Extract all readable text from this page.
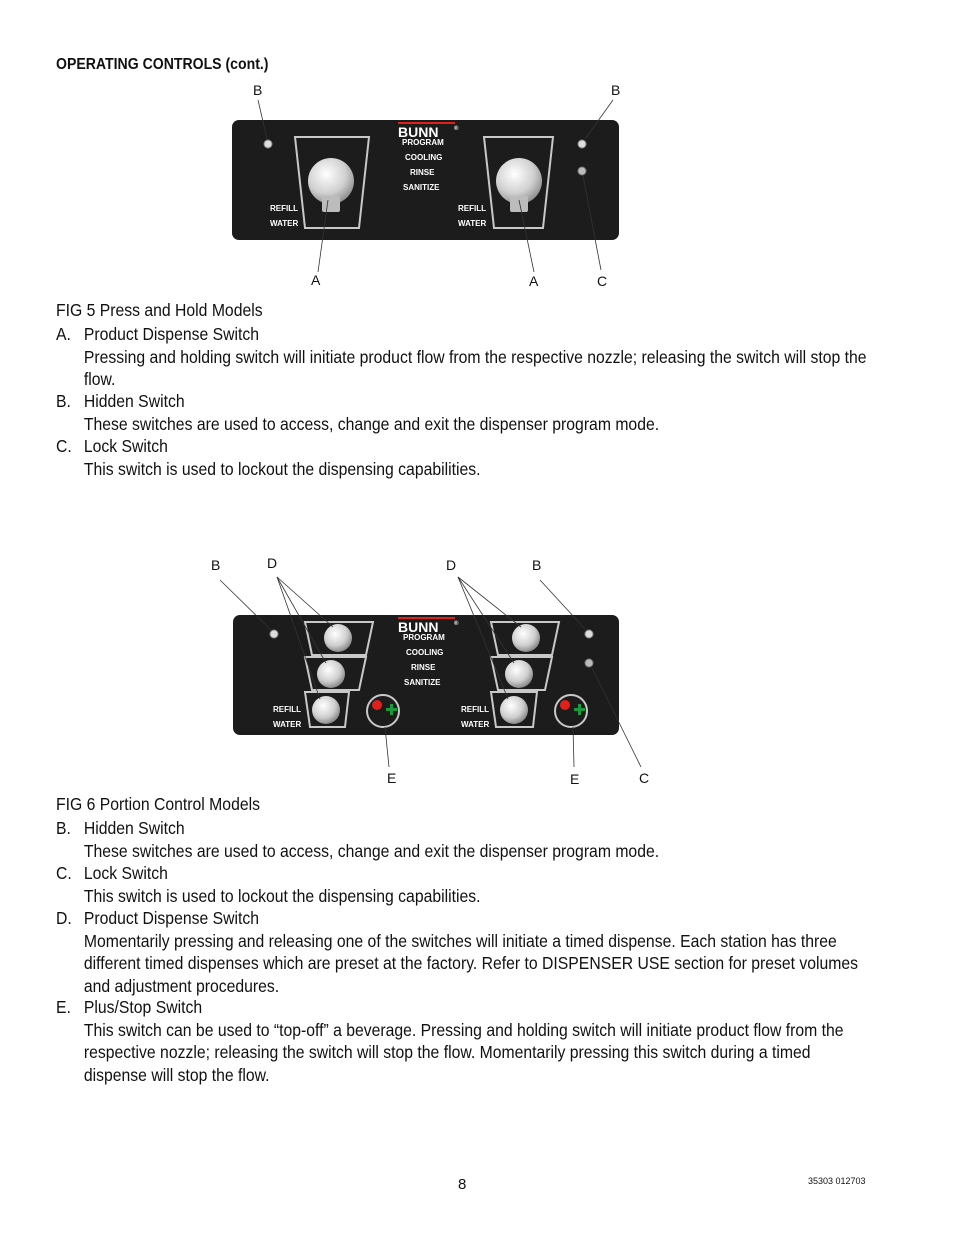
OPERATING CONTROLS (cont.)
B	B
BUNN	®
PROGRAM
COOLING
RINSE
SANITIZE
REFILL
WATER
REFILL
WATER
A	A	C
FIG 5 Press and Hold Models
A. Product Dispense Switch
Pressing and holding switch will initiate product flow from the respective nozzle; releasing the switch will stop the flow.
B. Hidden Switch
These switches are used to access, change and exit the dispenser program mode.
C. Lock Switch
This switch is used to lockout the dispensing capabilities.
B	D	D	B
BUNN	®
PROGRAM
COOLING
RINSE
SANITIZE
REFILL
WATER
REFILL
WATER
E	E	C
FIG 6 Portion Control Models
B. Hidden Switch
These switches are used to access, change and exit the dispenser program mode.
C. Lock Switch
This switch is used to lockout the dispensing capabilities.
D. Product Dispense Switch
Momentarily pressing and releasing one of the switches will initiate a timed dispense. Each station has three different timed dispenses which are preset at the factory. Refer to DISPENSER USE section for preset volumes and adjustment procedures.
E. Plus/Stop Switch
This switch can be used to “top-off” a beverage. Pressing and holding switch will initiate product flow from the respective nozzle; releasing the switch will stop the flow. Momentarily pressing this switch during a timed dispense will stop the flow.
8	35303 012703
